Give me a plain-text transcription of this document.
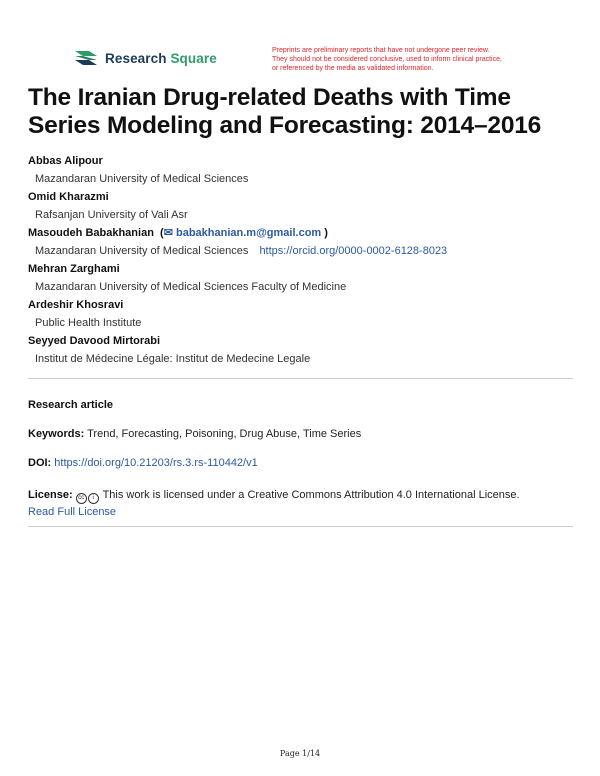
Research Square	Preprints are preliminary reports that have not undergone peer review.
They should not be considered conclusive, used to inform clinical practice,
or referenced by the media as validated information.
The Iranian Drug-related Deaths with Time Series Modeling and Forecasting: 2014–2016
Abbas Alipour
Mazandaran University of Medical Sciences
Omid Kharazmi
Rafsanjan University of Vali Asr
Masoudeh Babakhanian  (✉ babakhanian.m@gmail.com )
Mazandaran University of Medical Sciences https://orcid.org/0000-0002-6128-8023
Mehran Zarghami
Mazandaran University of Medical Sciences Faculty of Medicine
Ardeshir Khosravi
Public Health Institute
Seyyed Davood Mirtorabi
Institut de Médecine Légale: Institut de Medecine Legale
Research article
Keywords: Trend, Forecasting, Poisoning, Drug Abuse, Time Series
DOI: https://doi.org/10.21203/rs.3.rs-110442/v1
License: cc i This work is licensed under a Creative Commons Attribution 4.0 International License.
Read Full License
Page 1/14
